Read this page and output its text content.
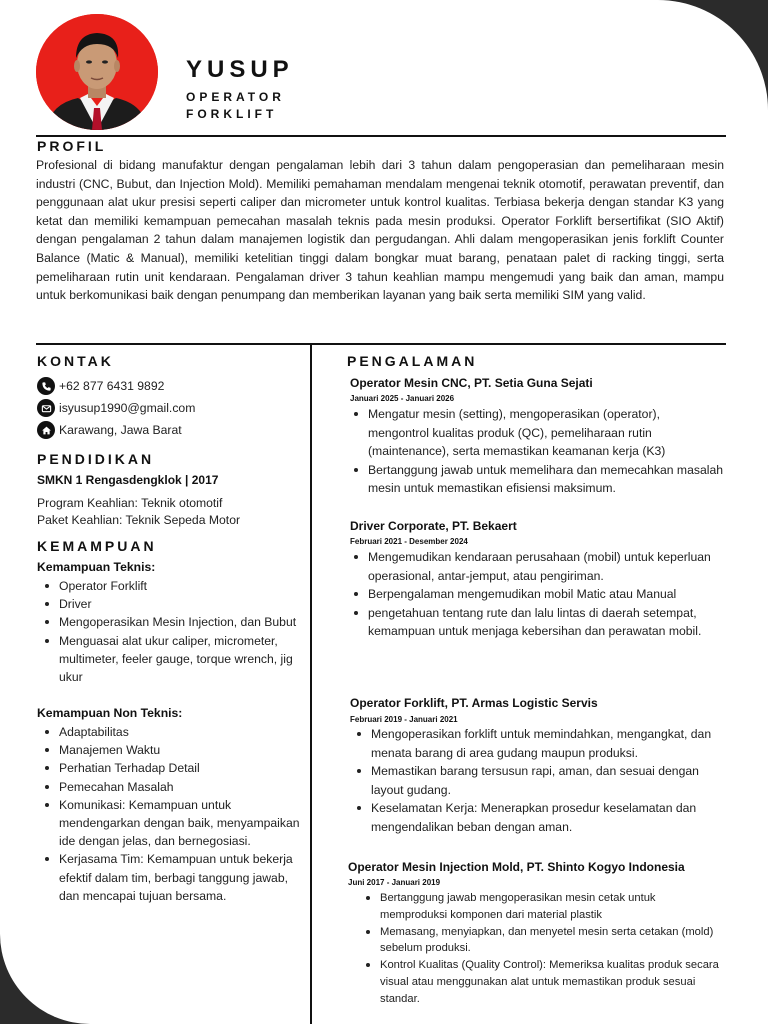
YUSUP
OPERATOR
FORKLIFT
PROFIL
Profesional di bidang manufaktur dengan pengalaman lebih dari 3 tahun dalam pengoperasian dan pemeliharaan mesin industri (CNC, Bubut, dan Injection Mold). Memiliki pemahaman mendalam mengenai teknik otomotif, perawatan preventif, dan penggunaan alat ukur presisi seperti caliper dan micrometer untuk kontrol kualitas. Terbiasa bekerja dengan standar K3 yang ketat dan memiliki kemampuan pemecahan masalah teknis pada mesin produksi. Operator Forklift bersertifikat (SIO Aktif) dengan pengalaman 2 tahun dalam manajemen logistik dan pergudangan. Ahli dalam mengoperasikan jenis forklift Counter Balance (Matic & Manual), memiliki ketelitian tinggi dalam bongkar muat barang, penataan palet di racking tinggi, serta pemeliharaan rutin unit kendaraan. Pengalaman driver 3 tahun keahlian mampu mengemudi yang baik dan aman, mampu untuk berkomunikasi baik dengan penumpang dan memberikan layanan yang baik serta memiliki SIM yang valid.
KONTAK
+62 877 6431 9892
isyusup1990@gmail.com
Karawang, Jawa Barat
PENDIDIKAN
SMKN 1 Rengasdengklok | 2017
Program Keahlian: Teknik otomotif
Paket Keahlian: Teknik Sepeda Motor
KEMAMPUAN
Kemampuan Teknis:
Operator Forklift
Driver
Mengoperasikan Mesin Injection, dan Bubut
Menguasai alat ukur caliper, micrometer, multimeter, feeler gauge, torque wrench, jig ukur
Kemampuan Non Teknis:
Adaptabilitas
Manajemen Waktu
Perhatian Terhadap Detail
Pemecahan Masalah
Komunikasi: Kemampuan untuk mendengarkan dengan baik, menyampaikan ide dengan jelas, dan bernegosiasi.
Kerjasama Tim: Kemampuan untuk bekerja efektif dalam tim, berbagi tanggung jawab, dan mencapai tujuan bersama.
PENGALAMAN
Operator Mesin CNC, PT. Setia Guna Sejati
Januari 2025 - Januari 2026
Mengatur mesin (setting), mengoperasikan (operator), mengontrol kualitas produk (QC), pemeliharaan rutin (maintenance), serta memastikan keamanan kerja (K3)
Bertanggung jawab untuk memelihara dan memecahkan masalah mesin untuk memastikan efisiensi maksimum.
Driver Corporate, PT. Bekaert
Februari 2021 - Desember 2024
Mengemudikan kendaraan perusahaan (mobil) untuk keperluan operasional, antar-jemput, atau pengiriman.
Berpengalaman mengemudikan mobil Matic atau Manual
pengetahuan tentang rute dan lalu lintas di daerah setempat, kemampuan untuk menjaga kebersihan dan perawatan mobil.
Operator Forklift, PT. Armas Logistic Servis
Februari 2019 - Januari 2021
Mengoperasikan forklift untuk memindahkan, mengangkat, dan menata barang di area gudang maupun produksi.
Memastikan barang tersusun rapi, aman, dan sesuai dengan layout gudang.
Keselamatan Kerja: Menerapkan prosedur keselamatan dan mengendalikan beban dengan aman.
Operator Mesin Injection Mold, PT. Shinto Kogyo Indonesia
Juni 2017 - Januari 2019
Bertanggung jawab mengoperasikan mesin cetak untuk memproduksi komponen dari material plastik
Memasang, menyiapkan, dan menyetel mesin serta cetakan (mold) sebelum produksi.
Kontrol Kualitas (Quality Control): Memeriksa kualitas produk secara visual atau menggunakan alat untuk memastikan produk sesuai standar.
